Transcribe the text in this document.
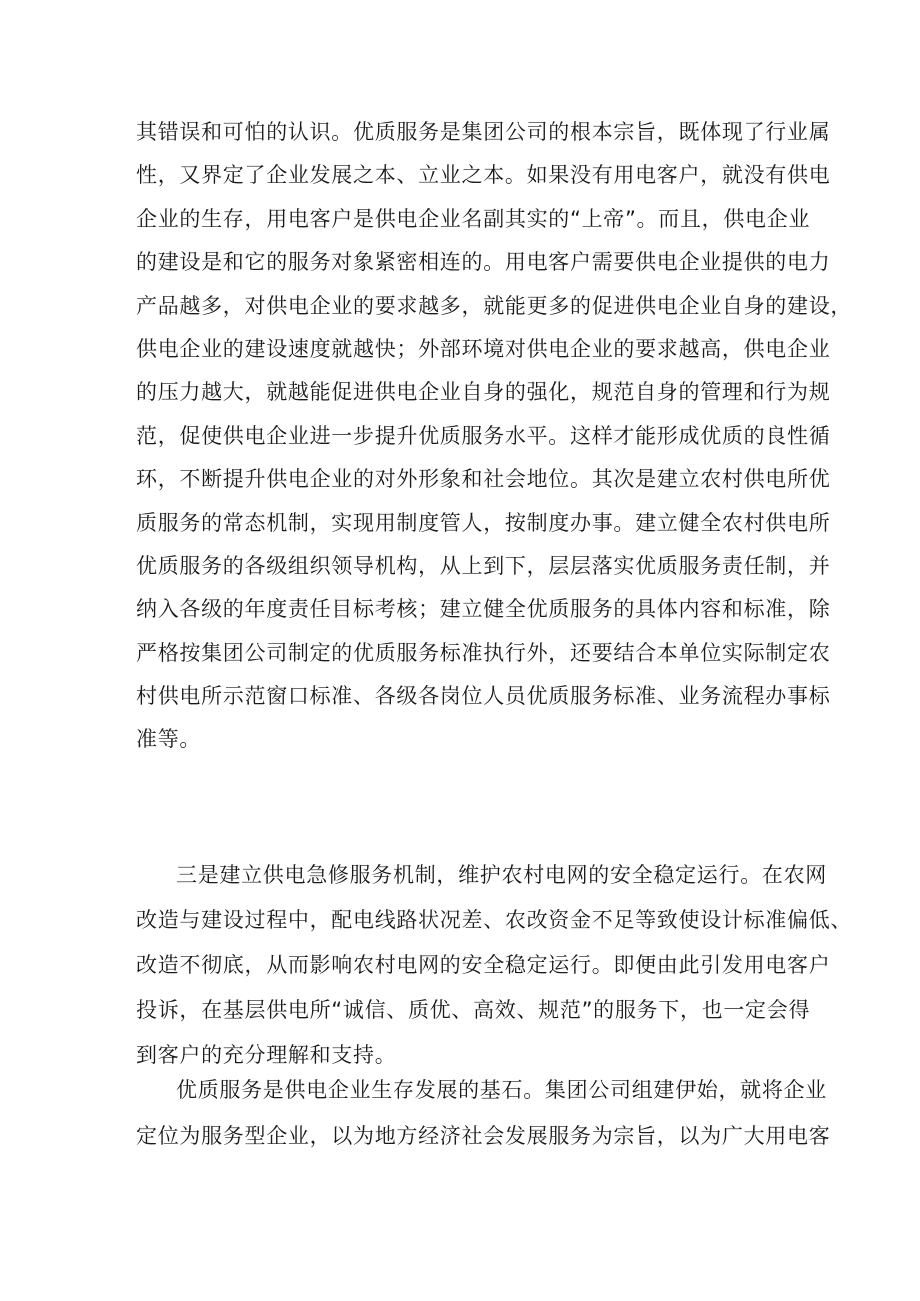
其错误和可怕的认识。优质服务是集团公司的根本宗旨，既体现了行业属
性，又界定了企业发展之本、立业之本。如果没有用电客户，就没有供电
企业的生存，用电客户是供电企业名副其实的“上帝”。而且，供电企业
的建设是和它的服务对象紧密相连的。用电客户需要供电企业提供的电力
产品越多，对供电企业的要求越多，就能更多的促进供电企业自身的建设，
供电企业的建设速度就越快；外部环境对供电企业的要求越高，供电企业
的压力越大，就越能促进供电企业自身的强化，规范自身的管理和行为规
范，促使供电企业进一步提升优质服务水平。这样才能形成优质的良性循
环，不断提升供电企业的对外形象和社会地位。其次是建立农村供电所优
质服务的常态机制，实现用制度管人，按制度办事。建立健全农村供电所
优质服务的各级组织领导机构，从上到下，层层落实优质服务责任制，并
纳入各级的年度责任目标考核；建立健全优质服务的具体内容和标准，除
严格按集团公司制定的优质服务标准执行外，还要结合本单位实际制定农
村供电所示范窗口标准、各级各岗位人员优质服务标准、业务流程办事标
准等。
三是建立供电急修服务机制，维护农村电网的安全稳定运行。在农网
改造与建设过程中，配电线路状况差、农改资金不足等致使设计标准偏低、
改造不彻底，从而影响农村电网的安全稳定运行。即便由此引发用电客户
投诉，在基层供电所“诚信、质优、高效、规范”的服务下，也一定会得
到客户的充分理解和支持。
优质服务是供电企业生存发展的基石。集团公司组建伊始，就将企业
定位为服务型企业，以为地方经济社会发展服务为宗旨，以为广大用电客
